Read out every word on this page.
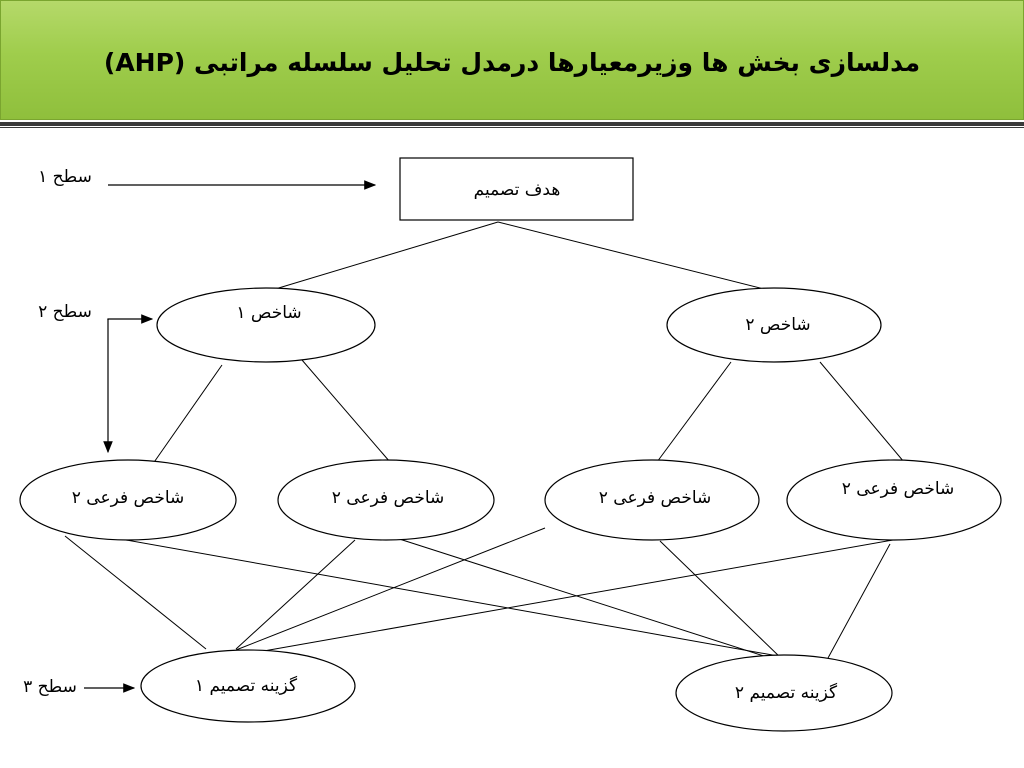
مدلسازی بخش ها وزیرمعیارها درمدل تحلیل سلسله مراتبی (AHP)
سطح ۱
سطح ۲
سطح ۳
هدف تصمیم
شاخص ۱
شاخص ۲
شاخص فرعی ۲	شاخص فرعی ۲	شاخص فرعی ۲	شاخص فرعی ۲
گزینه تصمیم ۱	گزینه تصمیم ۲
